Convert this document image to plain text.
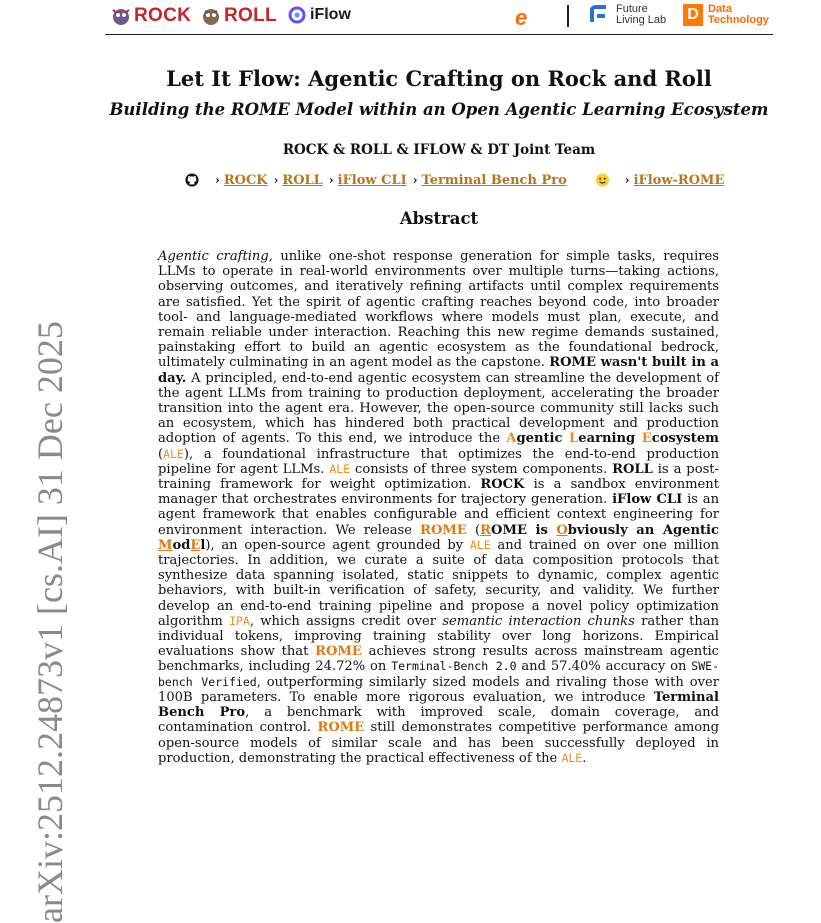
ROCK ROLL iFlow	e	Future
Living Lab D Data
Technology
arXiv:2512.24873v1 [cs.AI] 31 Dec 2025
Let It Flow: Agentic Crafting on Rock and Roll
Building the ROME Model within an Open Agentic Learning Ecosystem
ROCK & ROLL & IFLOW & DT Joint Team
› ROCK › ROLL › iFlow CLI › Terminal Bench Pro	› iFlow-ROME
Abstract
Agentic crafting, unlike one-shot response generation for simple tasks, requires LLMs to operate in real-world environments over multiple turns—taking actions, observing outcomes, and iteratively refining artifacts until complex requirements are satisfied. Yet the spirit of agentic crafting reaches beyond code, into broader tool- and language-mediated workflows where models must plan, execute, and remain reliable under interaction. Reaching this new regime demands sustained, painstaking effort to build an agentic ecosystem as the foundational bedrock, ultimately culminating in an agent model as the capstone. ROME wasn't built in a day. A principled, end-to-end agentic ecosystem can streamline the development of the agent LLMs from training to production deployment, accelerating the broader transition into the agent era. However, the open-source community still lacks such an ecosystem, which has hindered both practical development and production adoption of agents. To this end, we introduce the Agentic Learning Ecosystem (ALE), a foundational infrastructure that optimizes the end-to-end production pipeline for agent LLMs. ALE consists of three system components. ROLL is a post-training framework for weight optimization. ROCK is a sandbox environment manager that orchestrates environments for trajectory generation. iFlow CLI is an agent framework that enables configurable and efficient context engineering for environment interaction. We release ROME (ROME is Obviously an Agentic ModEl), an open-source agent grounded by ALE and trained on over one million trajectories. In addition, we curate a suite of data composition protocols that synthesize data spanning isolated, static snippets to dynamic, complex agentic behaviors, with built-in verification of safety, security, and validity. We further develop an end-to-end training pipeline and propose a novel policy optimization algorithm IPA, which assigns credit over semantic interaction chunks rather than individual tokens, improving training stability over long horizons. Empirical evaluations show that ROME achieves strong results across mainstream agentic benchmarks, including 24.72% on Terminal-Bench 2.0 and 57.40% accuracy on SWE-bench Verified, outperforming similarly sized models and rivaling those with over 100B parameters. To enable more rigorous evaluation, we introduce Terminal Bench Pro, a benchmark with improved scale, domain coverage, and contamination control. ROME still demonstrates competitive performance among open-source models of similar scale and has been successfully deployed in production, demonstrating the practical effectiveness of the ALE.
